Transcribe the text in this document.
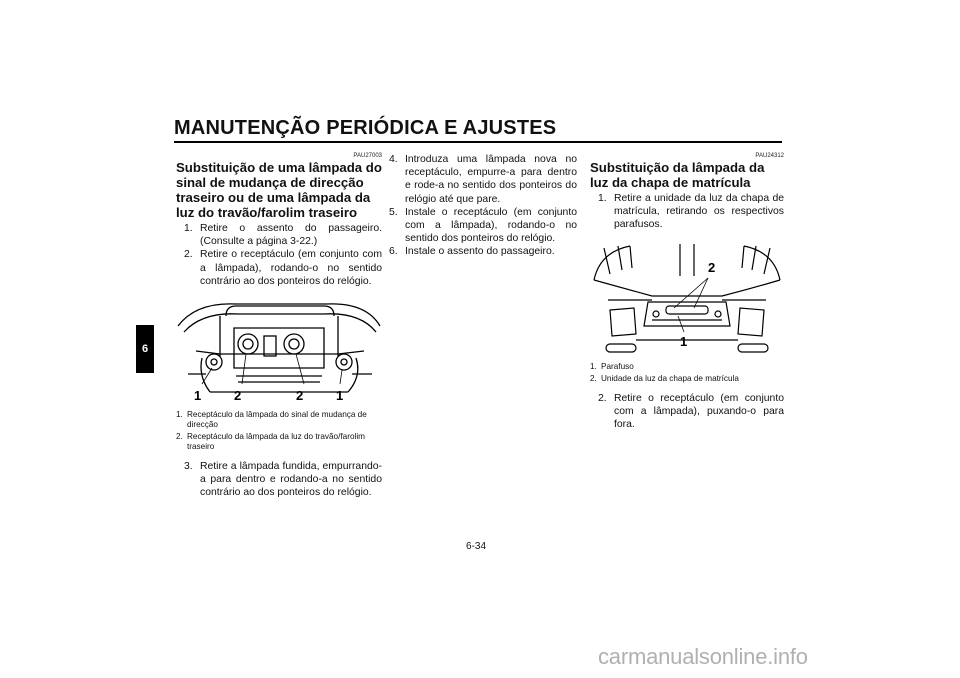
MANUTENÇÃO PERIÓDICA E AJUSTES
6
PAU27003
Substituição de uma lâmpada do sinal de mudança de direcção traseiro ou de uma lâmpada da luz do travão/farolim traseiro
1. Retire o assento do passageiro. (Consulte a página 3-22.)
2. Retire o receptáculo (em conjunto com a lâmpada), rodando-o no sentido contrário ao dos ponteiros do relógio.
1	2	2	1
1. Receptáculo da lâmpada do sinal de mudança de direcção
2. Receptáculo da lâmpada da luz do travão/farolim traseiro
3. Retire a lâmpada fundida, empurrando-a para dentro e rodando-a no sentido contrário ao dos ponteiros do relógio.
4. Introduza uma lâmpada nova no receptáculo, empurre-a para dentro e rode-a no sentido dos ponteiros do relógio até que pare.
5. Instale o receptáculo (em conjunto com a lâmpada), rodando-o no sentido dos ponteiros do relógio.
6. Instale o assento do passageiro.
PAU24312
Substituição da lâmpada da luz da chapa de matrícula
1. Retire a unidade da luz da chapa de matrícula, retirando os respectivos parafusos.
2
1
1. Parafuso
2. Unidade da luz da chapa de matrícula
2. Retire o receptáculo (em conjunto com a lâmpada), puxando-o para fora.
6-34
carmanualsonline.info
